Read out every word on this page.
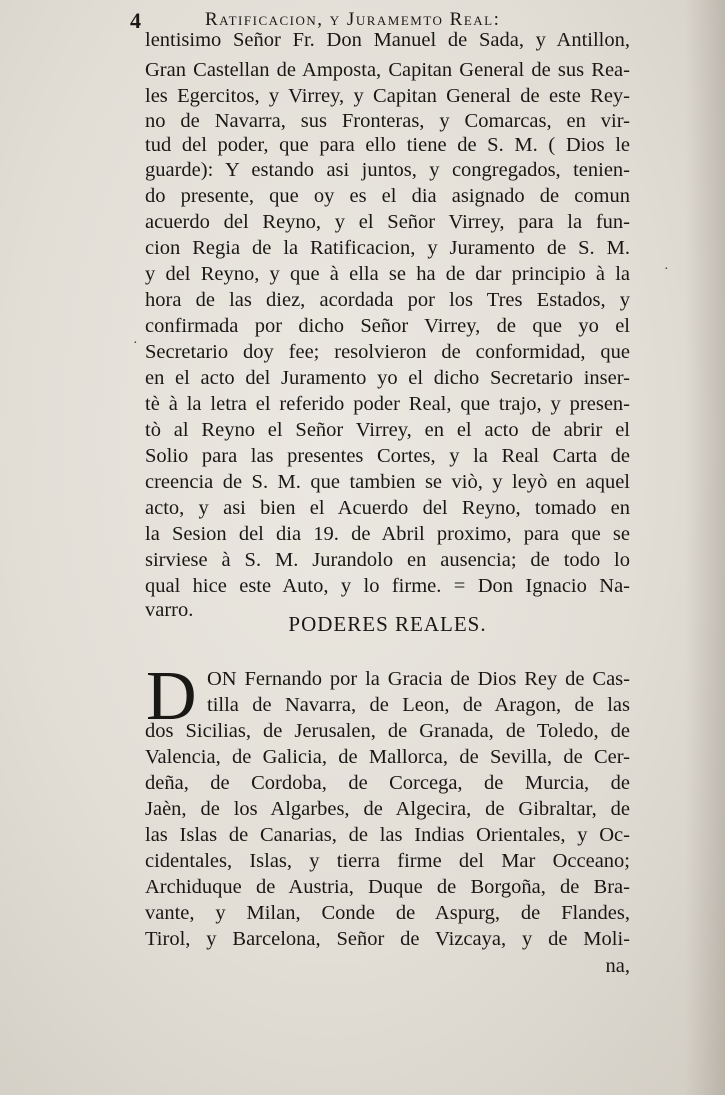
4	Ratificacion, y Juramemto Real:
lentisimo Señor Fr. Don Manuel de Sada, y Antillon,
Gran Castellan de Amposta, Capitan General de sus Rea-
les Egercitos, y Virrey, y Capitan General de este Rey-
no de Navarra, sus Fronteras, y Comarcas, en vir-
tud del poder, que para ello tiene de S. M. ( Dios le
guarde): Y estando asi juntos, y congregados, tenien-
do presente, que oy es el dia asignado de comun
acuerdo del Reyno, y el Señor Virrey, para la fun-
cion Regia de la Ratificacion, y Juramento de S. M.
y del Reyno, y que à ella se ha de dar principio à la
hora de las diez, acordada por los Tres Estados, y
confirmada por dicho Señor Virrey, de que yo el
Secretario doy fee; resolvieron de conformidad, que
en el acto del Juramento yo el dicho Secretario inser-
tè à la letra el referido poder Real, que trajo, y presen-
tò al Reyno el Señor Virrey, en el acto de abrir el
Solio para las presentes Cortes, y la Real Carta de
creencia de S. M. que tambien se viò, y leyò en aquel
acto, y asi bien el Acuerdo del Reyno, tomado en
la Sesion del dia 19. de Abril proximo, para que se
sirviese à S. M. Jurandolo en ausencia; de todo lo
qual hice este Auto, y lo firme. = Don Ignacio Na-
varro.
PODERES REALES.
D ON Fernando por la Gracia de Dios Rey de Cas-
tilla de Navarra, de Leon, de Aragon, de las
dos Sicilias, de Jerusalen, de Granada, de Toledo, de
Valencia, de Galicia, de Mallorca, de Sevilla, de Cer-
deña, de Cordoba, de Corcega, de Murcia, de
Jaèn, de los Algarbes, de Algecira, de Gibraltar, de
las Islas de Canarias, de las Indias Orientales, y Oc-
cidentales, Islas, y tierra firme del Mar Occeano;
Archiduque de Austria, Duque de Borgoña, de Bra-
vante, y Milan, Conde de Aspurg, de Flandes,
Tirol, y Barcelona, Señor de Vizcaya, y de Moli-
na,
·
·
